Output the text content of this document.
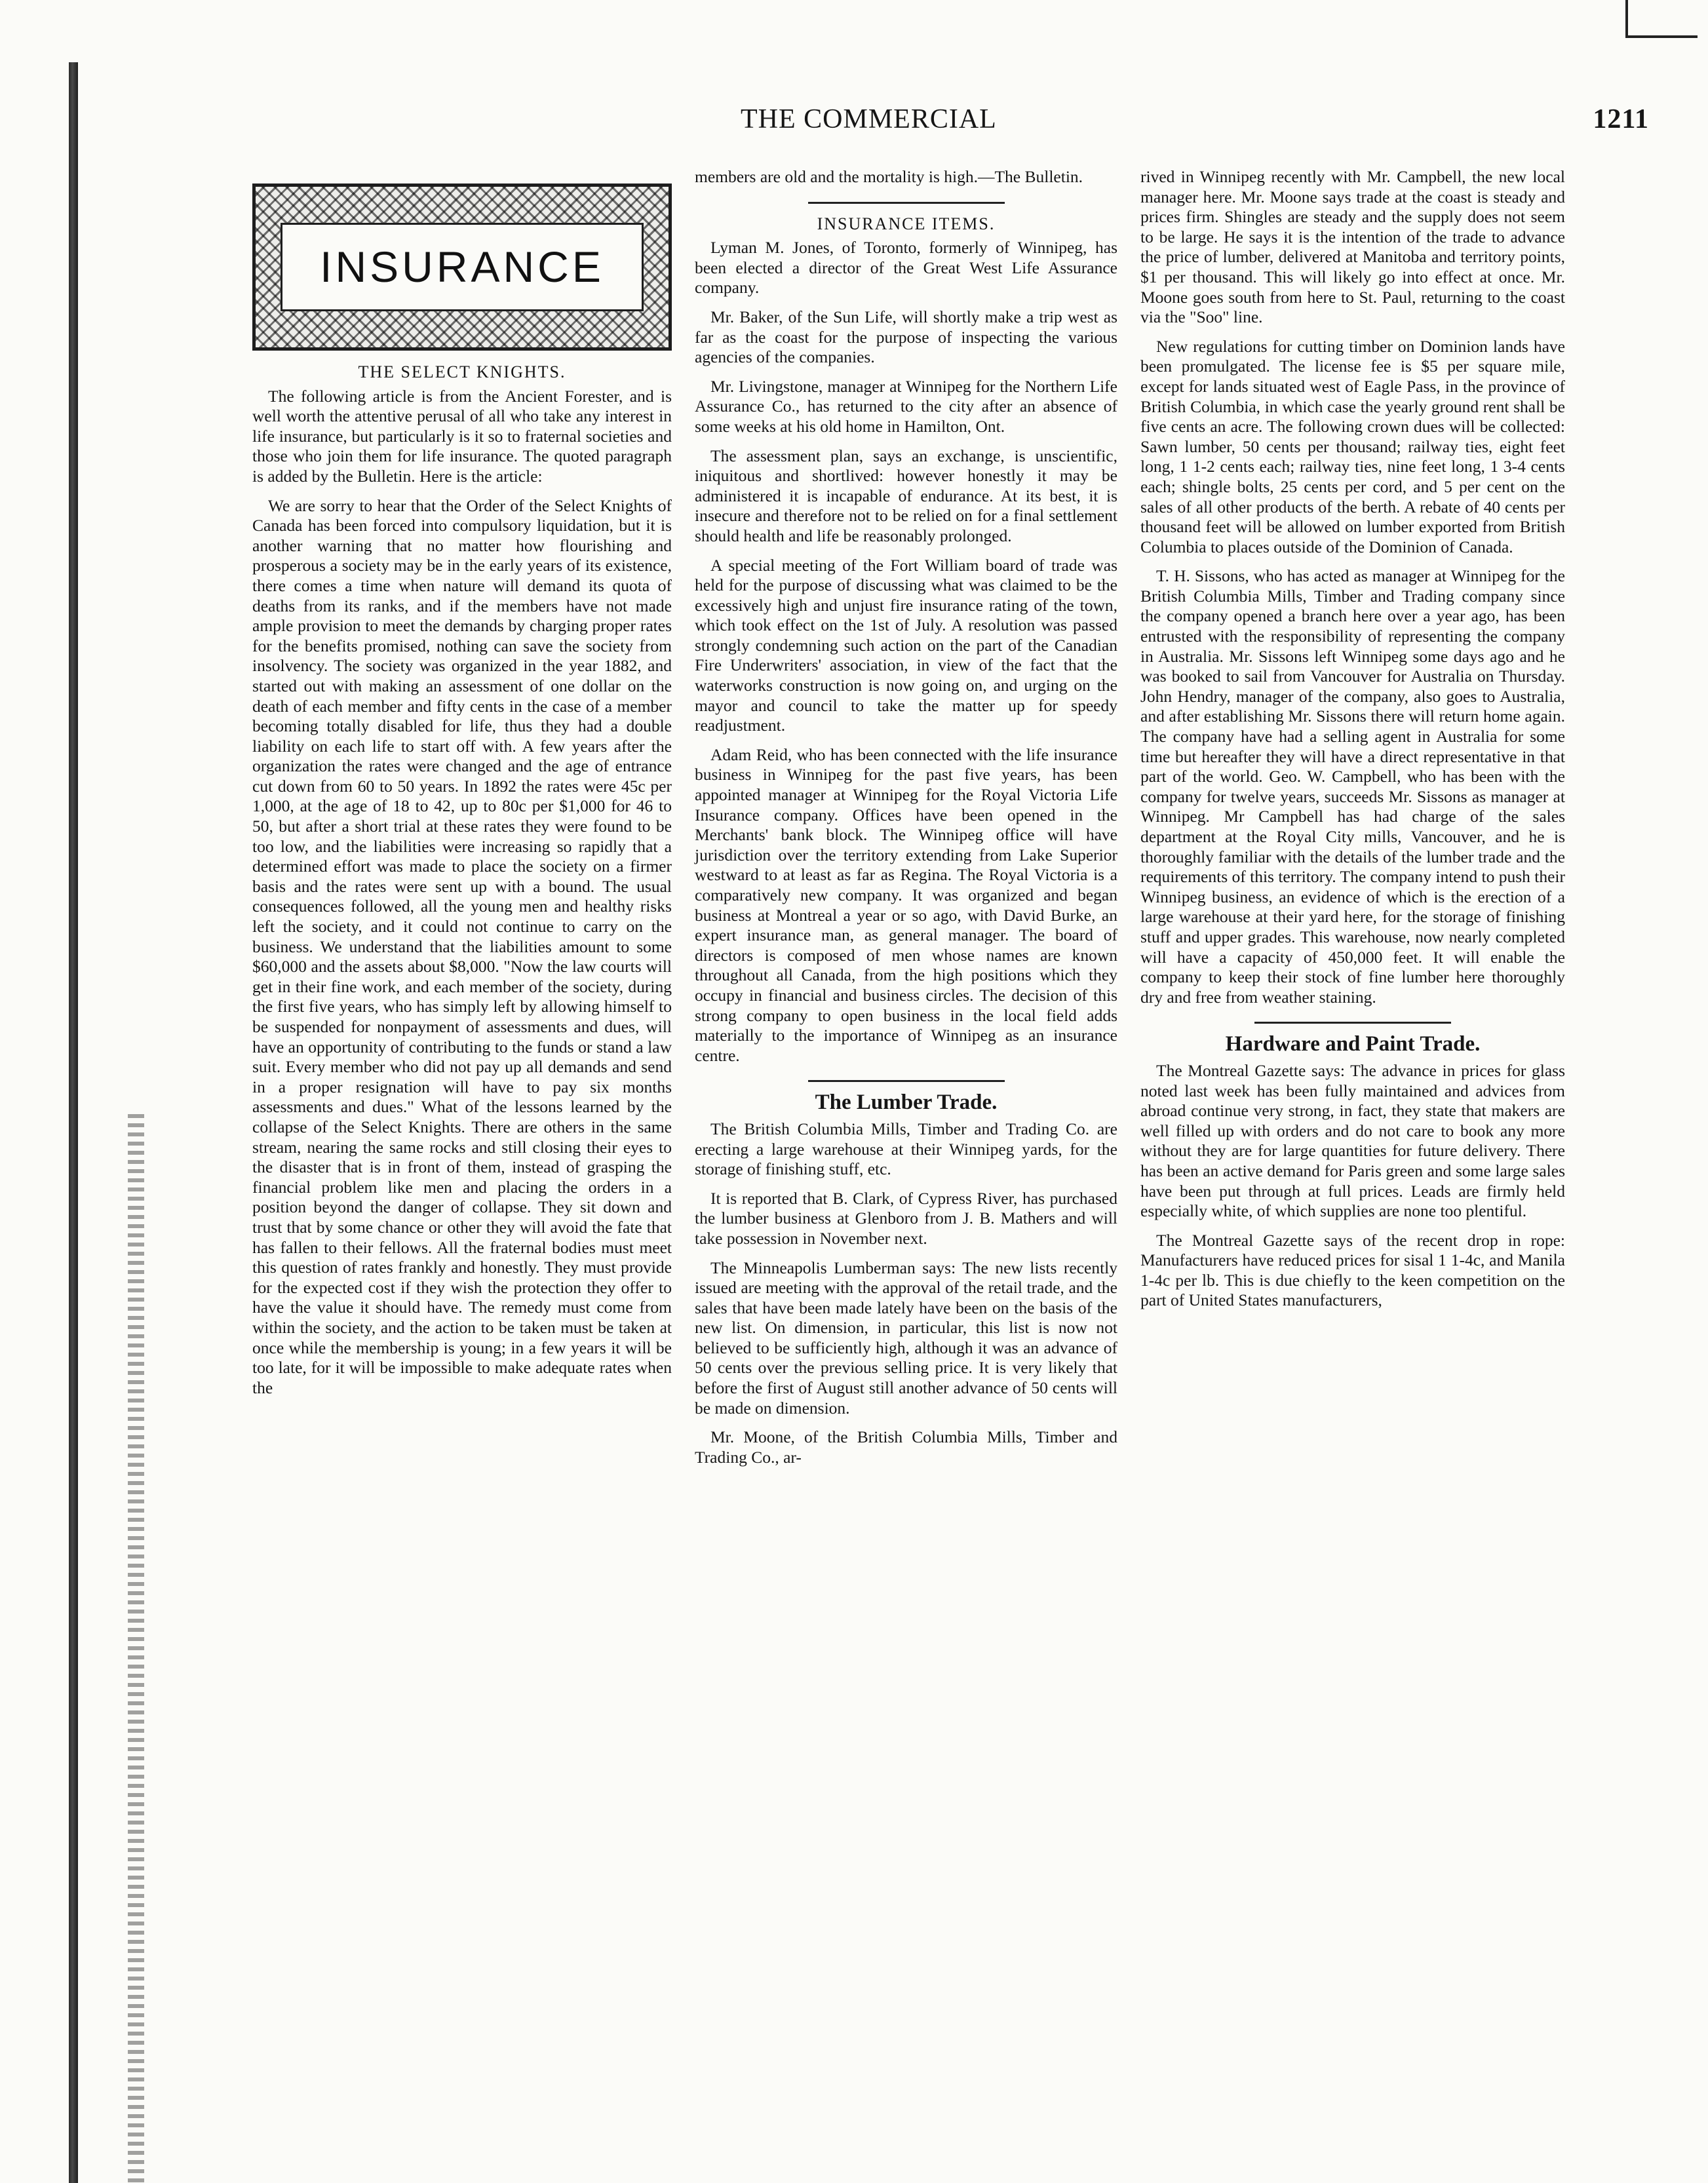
THE COMMERCIAL	1211
INSURANCE
THE SELECT KNIGHTS.

The following article is from the Ancient Forester, and is well worth the attentive perusal of all who take any interest in life insurance, but particularly is it so to fraternal societies and those who join them for life insurance. The quoted paragraph is added by the Bulletin. Here is the article:

We are sorry to hear that the Order of the Select Knights of Canada has been forced into compulsory liquidation, but it is another warning that no matter how flourishing and prosperous a society may be in the early years of its existence, there comes a time when nature will demand its quota of deaths from its ranks, and if the members have not made ample provision to meet the demands by charging proper rates for the benefits promised, nothing can save the society from insolvency. The society was organized in the year 1882, and started out with making an assessment of one dollar on the death of each member and fifty cents in the case of a member becoming totally disabled for life, thus they had a double liability on each life to start off with. A few years after the organization the rates were changed and the age of entrance cut down from 60 to 50 years. In 1892 the rates were 45c per 1,000, at the age of 18 to 42, up to 80c per $1,000 for 46 to 50, but after a short trial at these rates they were found to be too low, and the liabilities were increasing so rapidly that a determined effort was made to place the society on a firmer basis and the rates were sent up with a bound. The usual consequences followed, all the young men and healthy risks left the society, and it could not continue to carry on the business. We understand that the liabilities amount to some $60,000 and the assets about $8,000. "Now the law courts will get in their fine work, and each member of the society, during the first five years, who has simply left by allowing himself to be suspended for nonpayment of assessments and dues, will have an opportunity of contributing to the funds or stand a law suit. Every member who did not pay up all demands and send in a proper resignation will have to pay six months assessments and dues." What of the lessons learned by the collapse of the Select Knights. There are others in the same stream, nearing the same rocks and still closing their eyes to the disaster that is in front of them, instead of grasping the financial problem like men and placing the orders in a position beyond the danger of collapse. They sit down and trust that by some chance or other they will avoid the fate that has fallen to their fellows. All the fraternal bodies must meet this question of rates frankly and honestly. They must provide for the expected cost if they wish the protection they offer to have the value it should have. The remedy must come from within the society, and the action to be taken must be taken at once while the membership is young; in a few years it will be too late, for it will be impossible to make adequate rates when the

members are old and the mortality is high.—The Bulletin.

INSURANCE ITEMS.

Lyman M. Jones, of Toronto, formerly of Winnipeg, has been elected a director of the Great West Life Assurance company.

Mr. Baker, of the Sun Life, will shortly make a trip west as far as the coast for the purpose of inspecting the various agencies of the companies.

Mr. Livingstone, manager at Winnipeg for the Northern Life Assurance Co., has returned to the city after an absence of some weeks at his old home in Hamilton, Ont.

The assessment plan, says an exchange, is unscientific, iniquitous and shortlived: however honestly it may be administered it is incapable of endurance. At its best, it is insecure and therefore not to be relied on for a final settlement should health and life be reasonably prolonged.

A special meeting of the Fort William board of trade was held for the purpose of discussing what was claimed to be the excessively high and unjust fire insurance rating of the town, which took effect on the 1st of July. A resolution was passed strongly condemning such action on the part of the Canadian Fire Underwriters' association, in view of the fact that the waterworks construction is now going on, and urging on the mayor and council to take the matter up for speedy readjustment.

Adam Reid, who has been connected with the life insurance business in Winnipeg for the past five years, has been appointed manager at Winnipeg for the Royal Victoria Life Insurance company. Offices have been opened in the Merchants' bank block. The Winnipeg office will have jurisdiction over the territory extending from Lake Superior westward to at least as far as Regina. The Royal Victoria is a comparatively new company. It was organized and began business at Montreal a year or so ago, with David Burke, an expert insurance man, as general manager. The board of directors is composed of men whose names are known throughout all Canada, from the high positions which they occupy in financial and business circles. The decision of this strong company to open business in the local field adds materially to the importance of Winnipeg as an insurance centre.

The Lumber Trade.

The British Columbia Mills, Timber and Trading Co. are erecting a large warehouse at their Winnipeg yards, for the storage of finishing stuff, etc.

It is reported that B. Clark, of Cypress River, has purchased the lumber business at Glenboro from J. B. Mathers and will take possession in November next.

The Minneapolis Lumberman says: The new lists recently issued are meeting with the approval of the retail trade, and the sales that have been made lately have been on the basis of the new list. On dimension, in particular, this list is now not believed to be sufficiently high, although it was an advance of 50 cents over the previous selling price. It is very likely that before the first of August still another advance of 50 cents will be made on dimension.

Mr. Moone, of the British Columbia Mills, Timber and Trading Co., ar-

rived in Winnipeg recently with Mr. Campbell, the new local manager here. Mr. Moone says trade at the coast is steady and prices firm. Shingles are steady and the supply does not seem to be large. He says it is the intention of the trade to advance the price of lumber, delivered at Manitoba and territory points, $1 per thousand. This will likely go into effect at once. Mr. Moone goes south from here to St. Paul, returning to the coast via the "Soo" line.

New regulations for cutting timber on Dominion lands have been promulgated. The license fee is $5 per square mile, except for lands situated west of Eagle Pass, in the province of British Columbia, in which case the yearly ground rent shall be five cents an acre. The following crown dues will be collected: Sawn lumber, 50 cents per thousand; railway ties, eight feet long, 1 1-2 cents each; railway ties, nine feet long, 1 3-4 cents each; shingle bolts, 25 cents per cord, and 5 per cent on the sales of all other products of the berth. A rebate of 40 cents per thousand feet will be allowed on lumber exported from British Columbia to places outside of the Dominion of Canada.

T. H. Sissons, who has acted as manager at Winnipeg for the British Columbia Mills, Timber and Trading company since the company opened a branch here over a year ago, has been entrusted with the responsibility of representing the company in Australia. Mr. Sissons left Winnipeg some days ago and he was booked to sail from Vancouver for Australia on Thursday. John Hendry, manager of the company, also goes to Australia, and after establishing Mr. Sissons there will return home again. The company have had a selling agent in Australia for some time but hereafter they will have a direct representative in that part of the world. Geo. W. Campbell, who has been with the company for twelve years, succeeds Mr. Sissons as manager at Winnipeg. Mr Campbell has had charge of the sales department at the Royal City mills, Vancouver, and he is thoroughly familiar with the details of the lumber trade and the requirements of this territory. The company intend to push their Winnipeg business, an evidence of which is the erection of a large warehouse at their yard here, for the storage of finishing stuff and upper grades. This warehouse, now nearly completed will have a capacity of 450,000 feet. It will enable the company to keep their stock of fine lumber here thoroughly dry and free from weather staining.

Hardware and Paint Trade.

The Montreal Gazette says: The advance in prices for glass noted last week has been fully maintained and advices from abroad continue very strong, in fact, they state that makers are well filled up with orders and do not care to book any more without they are for large quantities for future delivery. There has been an active demand for Paris green and some large sales have been put through at full prices. Leads are firmly held especially white, of which supplies are none too plentiful.

The Montreal Gazette says of the recent drop in rope: Manufacturers have reduced prices for sisal 1 1-4c, and Manila 1-4c per lb. This is due chiefly to the keen competition on the part of United States manufacturers,
